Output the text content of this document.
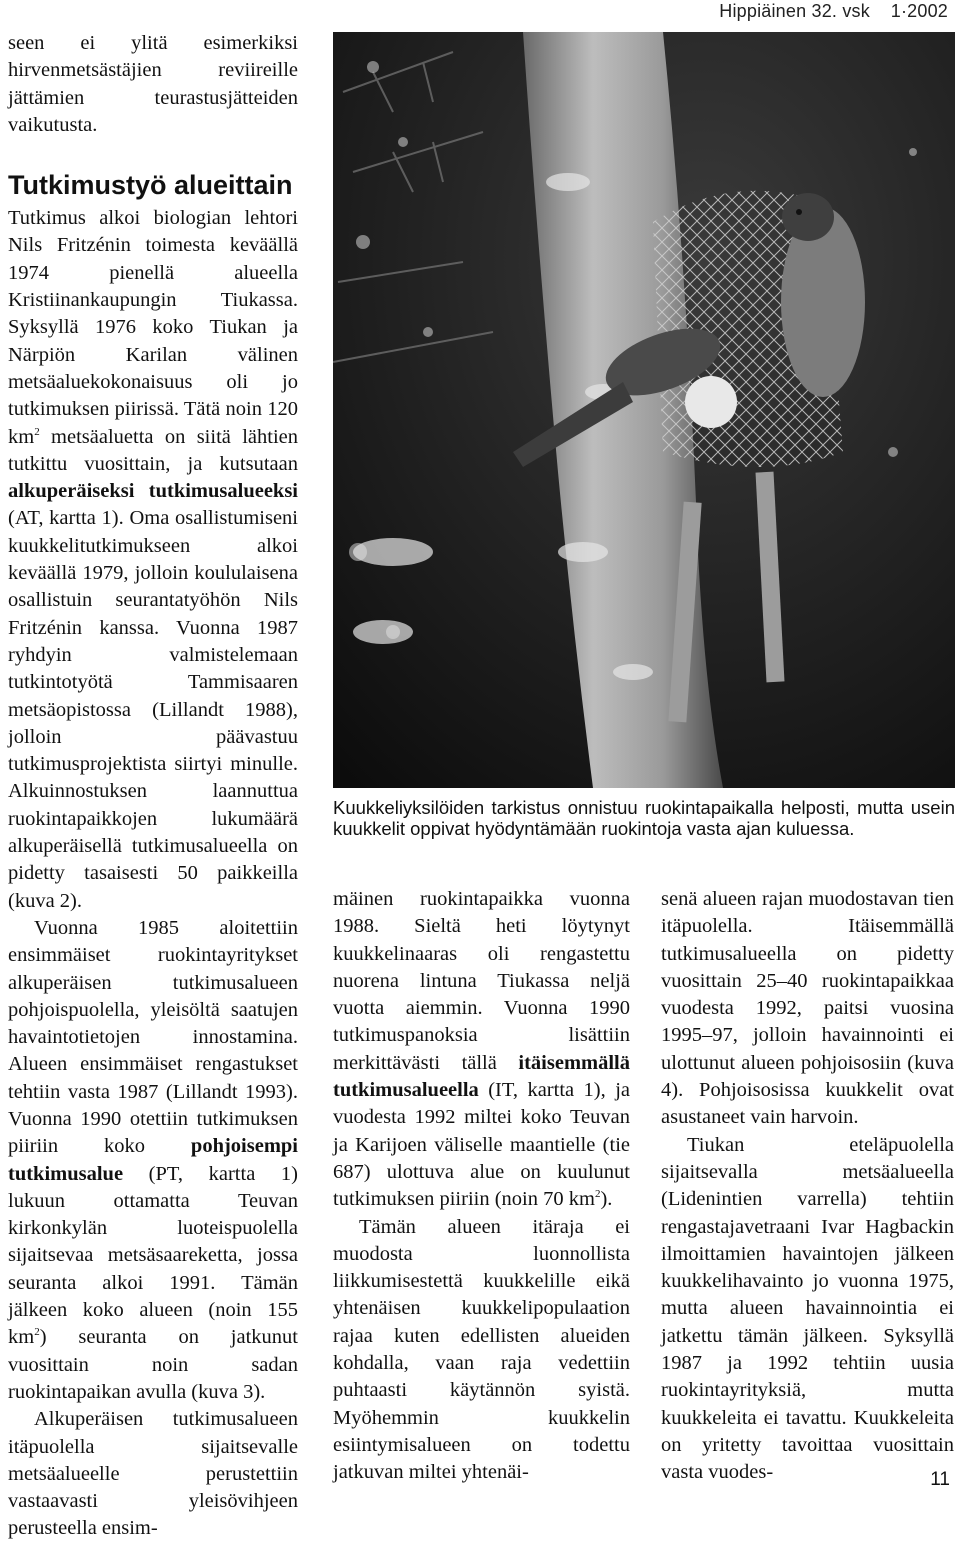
Hippiäinen 32. vsk 1·2002

seen ei ylitä esimerkiksi hirvenmetsästäjien reviireille jättämien teurastusjätteiden vaikutusta.

Tutkimustyö alueittain

Tutkimus alkoi biologian lehtori Nils Fritzénin toimesta keväällä 1974 pienellä alueella Kristiinankaupungin Tiukassa. Syksyllä 1976 koko Tiukan ja Närpiön Karilan välinen metsäaluekokonaisuus oli jo tutkimuksen piirissä. Tätä noin 120 $km^2$ metsäaluetta on siitä lähtien tutkittu vuosittain, ja kutsutaan alkuperäiseksi tutkimusalueeksi (AT, kartta 1). Oma osallistumiseni kuukkelitutkimukseen alkoi keväällä 1979, jolloin koululaisena osallistuin seurantatyöhön Nils Fritzénin kanssa. Vuonna 1987 ryhdyin valmistelemaan tutkintotyötä Tammisaaren metsäopistossa (Lillandt 1988), jolloin päävastuu tutkimusprojektista siirtyi minulle. Alkuinnostuksen laannuttua ruokintapaikkojen lukumäärä alkuperäisellä tutkimusalueella on pidetty tasaisesti 50 paikkeilla (kuva 2).

Vuonna 1985 aloitettiin ensimmäiset ruokintayritykset alkuperäisen tutkimusalueen pohjoispuolella, yleisöltä saatujen havaintotietojen innostamina. Alueen ensimmäiset rengastukset tehtiin vasta 1987 (Lillandt 1993). Vuonna 1990 otettiin tutkimuksen piiriin koko pohjoisempi tutkimusalue (PT, kartta 1) lukuun ottamatta Teuvan kirkonkylän luoteispuolella sijaitsevaa metsäsaareketta, jossa seuranta alkoi 1991. Tämän jälkeen koko alueen (noin 155 $km^2$) seuranta on jatkunut vuosittain noin sadan ruokintapaikan avulla (kuva 3).

Alkuperäisen tutkimusalueen itäpuolella sijaitsevalle metsäalueelle perustettiin vastaavasti yleisövihjeen perusteella ensim-

Kuukkeliyksilöiden tarkistus onnistuu ruokintapaikalla helposti, mutta usein kuukkelit oppivat hyödyntämään ruokintoja vasta ajan kuluessa.

mäinen ruokintapaikka vuonna 1988. Sieltä heti löytynyt kuukkelinaaras oli rengastettu nuorena lintuna Tiukassa neljä vuotta aiemmin. Vuonna 1990 tutkimuspanoksia lisättiin merkittävästi tällä itäisemmällä tutkimusalueella (IT, kartta 1), ja vuodesta 1992 miltei koko Teuvan ja Karijoen väliselle maantielle (tie 687) ulottuva alue on kuulunut tutkimuksen piiriin (noin 70 $km^2$).

Tämän alueen itäraja ei muodosta luonnollista liikkumisestettä kuukkelille eikä yhtenäisen kuukkelipopulaation rajaa kuten edellisten alueiden kohdalla, vaan raja vedettiin puhtaasti käytännön syistä. Myöhemmin kuukkelin esiintymisalueen on todettu jatkuvan miltei yhtenäi-

senä alueen rajan muodostavan tien itäpuolella. Itäisemmällä tutkimusalueella on pidetty vuosittain 25–40 ruokintapaikkaa vuodesta 1992, paitsi vuosina 1995–97, jolloin havainnointi ei ulottunut alueen pohjoisosiin (kuva 4). Pohjoisosissa kuukkelit ovat asustaneet vain harvoin.

Tiukan eteläpuolella sijaitsevalla metsäalueella (Lidenintien varrella) tehtiin rengastajavetraani Ivar Hagbackin ilmoittamien havaintojen jälkeen kuukkelihavainto jo vuonna 1975, mutta alueen havainnointia ei jatkettu tämän jälkeen. Syksyllä 1987 ja 1992 tehtiin uusia ruokintayrityksiä, mutta kuukkeleita ei tavattu. Kuukkeleita on yritetty tavoittaa vuosittain vasta vuodes-	11
